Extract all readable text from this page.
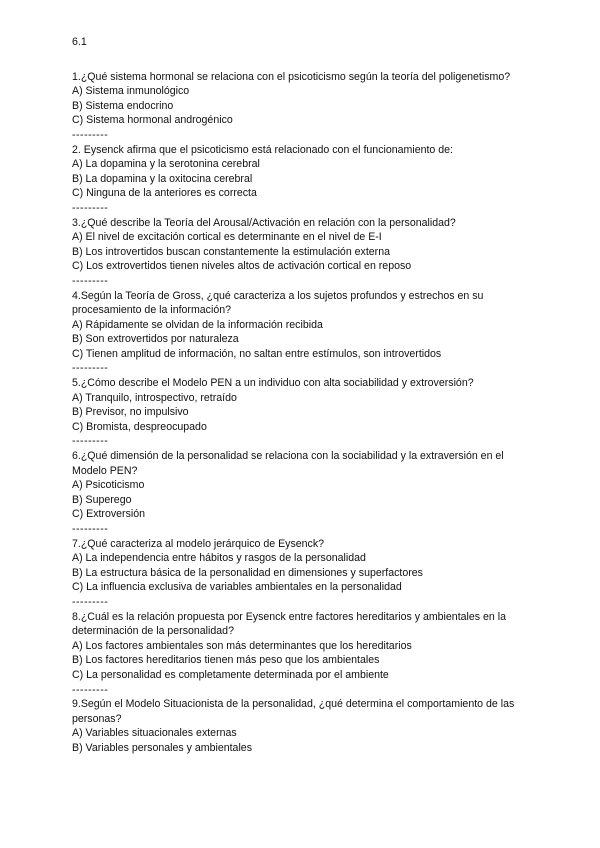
6.1

1.¿Qué sistema hormonal se relaciona con el psicoticismo según la teoría del poligenetismo?

A) Sistema inmunológico

B) Sistema endocrino

C) Sistema hormonal androgénico

---------

2. Eysenck afirma que el psicoticismo está relacionado con el funcionamiento de:

A) La dopamina y la serotonina cerebral

B) La dopamina y la oxitocina cerebral

C) Ninguna de la anteriores es correcta

---------

3.¿Qué describe la Teoría del Arousal/Activación en relación con la personalidad?

A) El nivel de excitación cortical es determinante en el nivel de E-I

B) Los introvertidos buscan constantemente la estimulación externa

C) Los extrovertidos tienen niveles altos de activación cortical en reposo

---------

4.Según la Teoría de Gross, ¿qué caracteriza a los sujetos profundos y estrechos en su procesamiento de la información?

A) Rápidamente se olvidan de la información recibida

B) Son extrovertidos por naturaleza

C) Tienen amplitud de información, no saltan entre estímulos, son introvertidos

---------

5.¿Cómo describe el Modelo PEN a un individuo con alta sociabilidad y extroversión?

A) Tranquilo, introspectivo, retraído

B) Previsor, no impulsivo

C) Bromista, despreocupado

---------

6.¿Qué dimensión de la personalidad se relaciona con la sociabilidad y la extraversión en el Modelo PEN?

A) Psicoticismo

B) Superego

C) Extroversión

---------

7.¿Qué caracteriza al modelo jerárquico de Eysenck?

A) La independencia entre hábitos y rasgos de la personalidad

B) La estructura básica de la personalidad en dimensiones y superfactores

C) La influencia exclusiva de variables ambientales en la personalidad

---------

8.¿Cuál es la relación propuesta por Eysenck entre factores hereditarios y ambientales en la determinación de la personalidad?

A) Los factores ambientales son más determinantes que los hereditarios

B) Los factores hereditarios tienen más peso que los ambientales

C) La personalidad es completamente determinada por el ambiente

---------

9.Según el Modelo Situacionista de la personalidad, ¿qué determina el comportamiento de las personas?

A) Variables situacionales externas

B) Variables personales y ambientales
